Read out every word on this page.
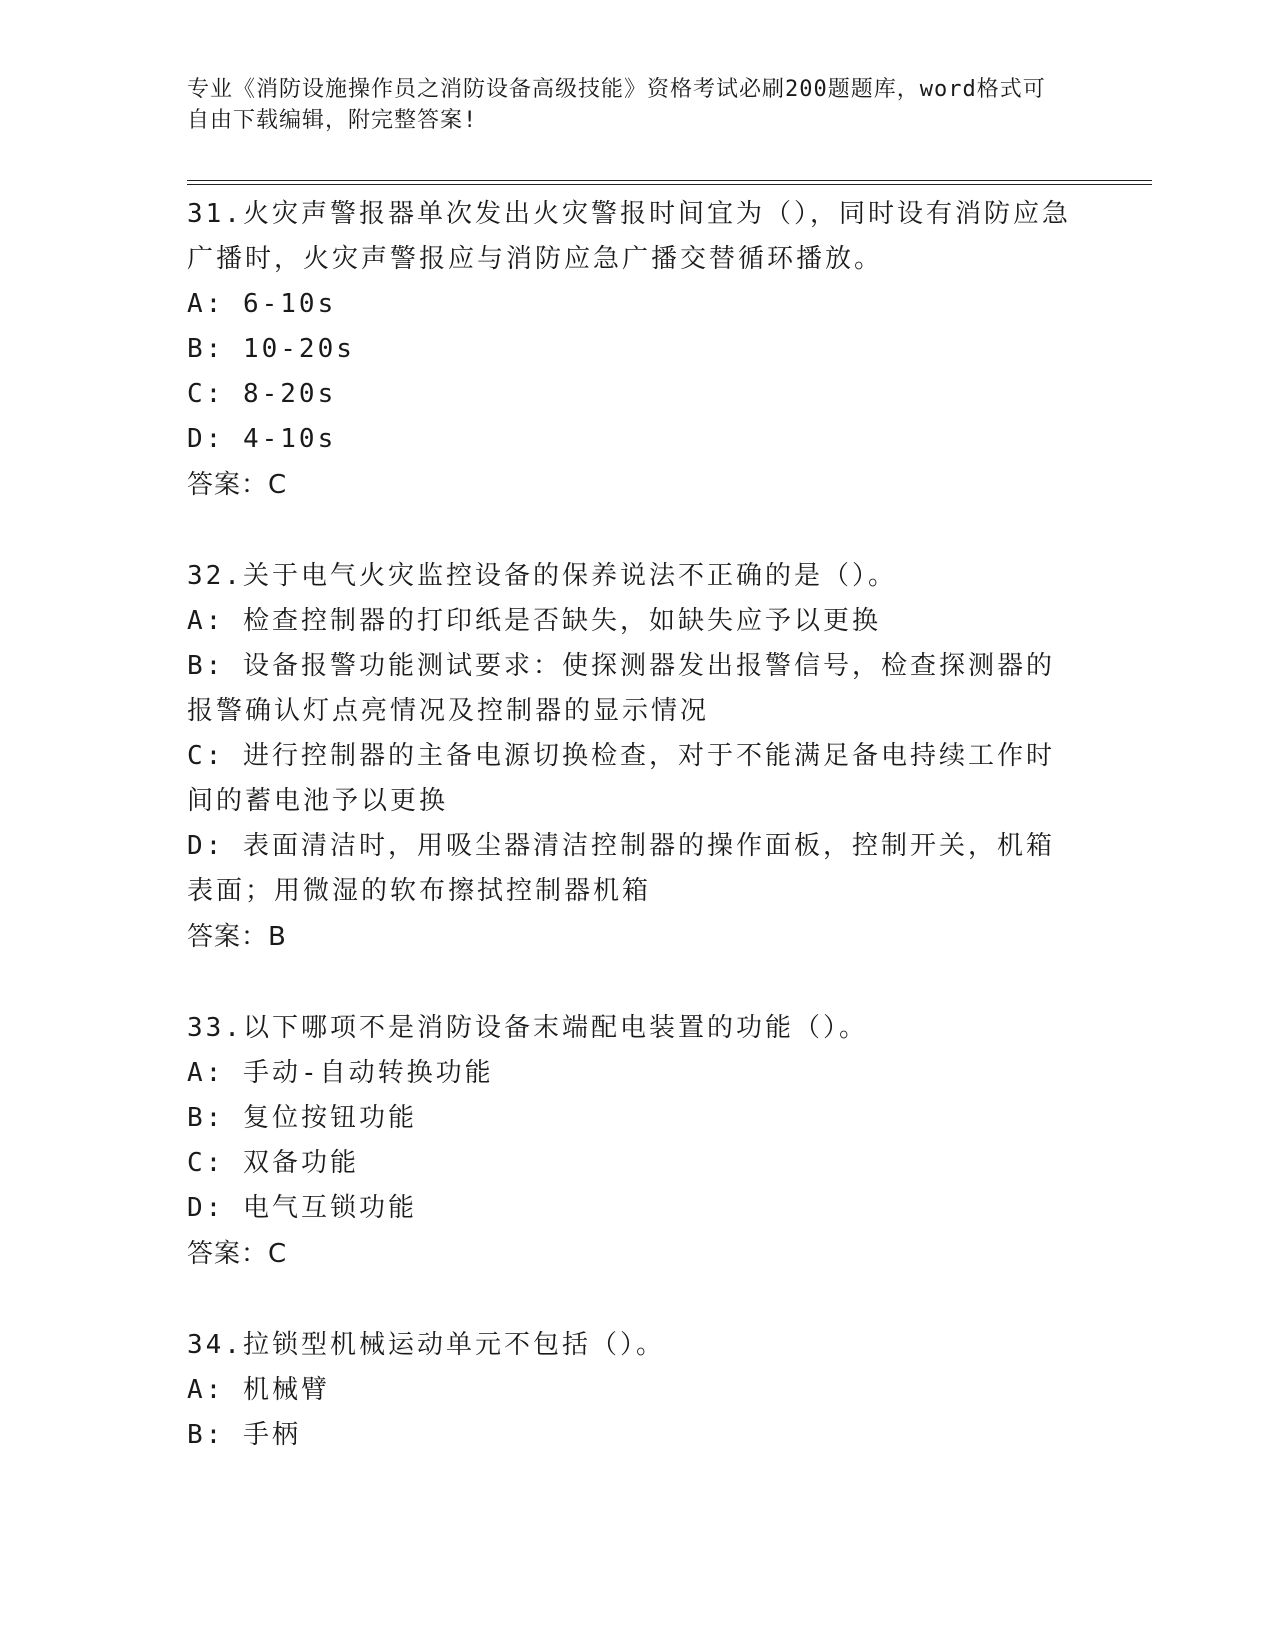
专业《消防设施操作员之消防设备高级技能》资格考试必刷200题题库，word格式可自由下载编辑，附完整答案!

31.火灾声警报器单次发出火灾警报时间宜为（），同时设有消防应急广播时，火灾声警报应与消防应急广播交替循环播放。

A: 6-10s

B: 10-20s

C: 8-20s

D: 4-10s

答案：C

32.关于电气火灾监控设备的保养说法不正确的是（）。

A: 检查控制器的打印纸是否缺失，如缺失应予以更换

B: 设备报警功能测试要求：使探测器发出报警信号，检查探测器的报警确认灯点亮情况及控制器的显示情况

C: 进行控制器的主备电源切换检查，对于不能满足备电持续工作时间的蓄电池予以更换

D: 表面清洁时，用吸尘器清洁控制器的操作面板，控制开关，机箱表面；用微湿的软布擦拭控制器机箱

答案：B

33.以下哪项不是消防设备末端配电装置的功能（）。

A: 手动-自动转换功能

B: 复位按钮功能

C: 双备功能

D: 电气互锁功能

答案：C

34.拉锁型机械运动单元不包括（）。

A: 机械臂

B: 手柄
